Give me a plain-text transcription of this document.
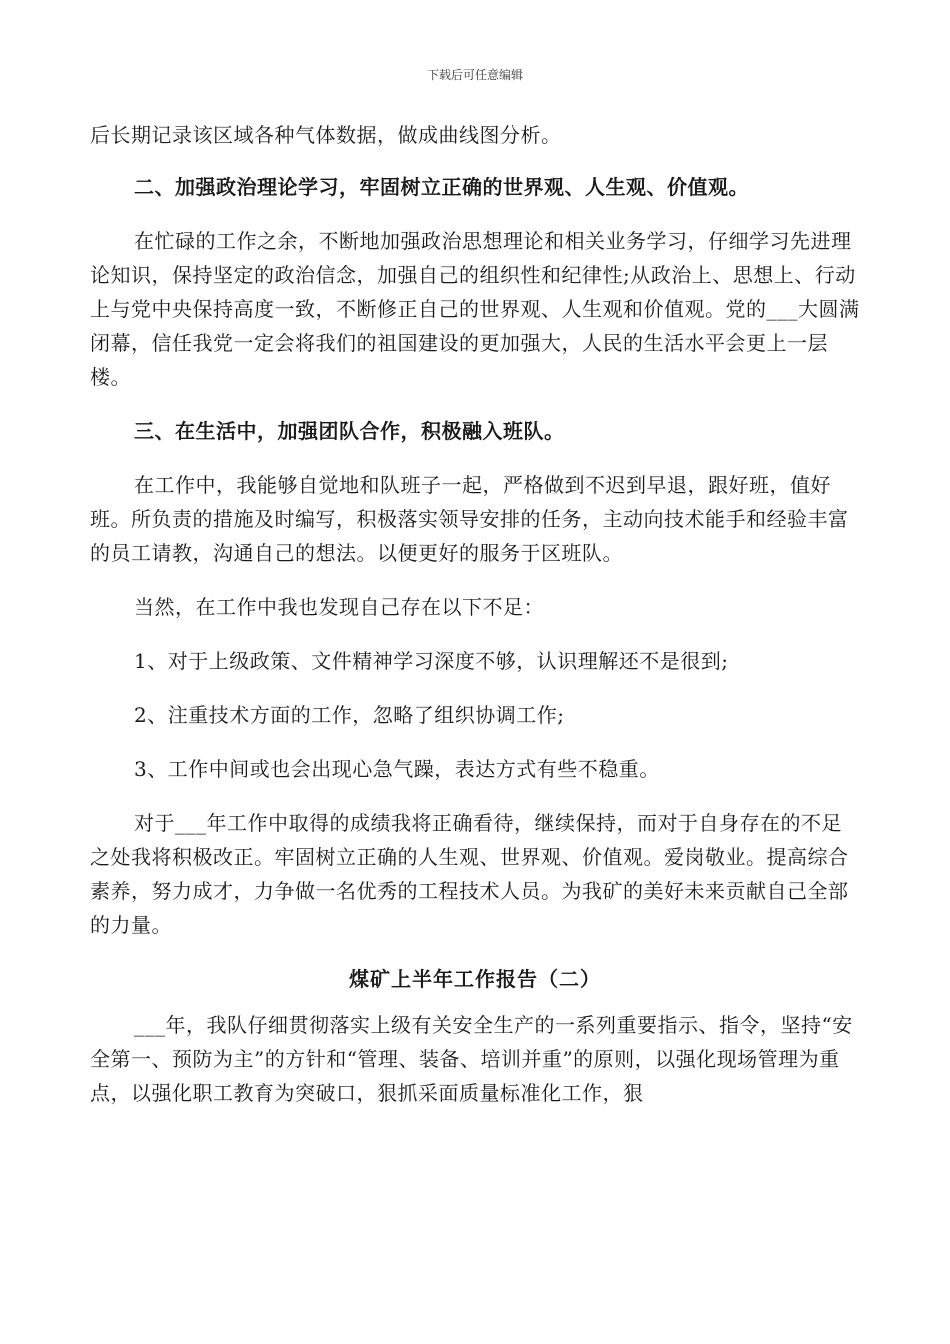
下载后可任意编辑

后长期记录该区域各种气体数据，做成曲线图分析。

二、加强政治理论学习，牢固树立正确的世界观、人生观、价值观。

在忙碌的工作之余，不断地加强政治思想理论和相关业务学习，仔细学习先进理论知识，保持坚定的政治信念，加强自己的组织性和纪律性;从政治上、思想上、行动上与党中央保持高度一致，不断修正自己的世界观、人生观和价值观。党的___大圆满闭幕，信任我党一定会将我们的祖国建设的更加强大，人民的生活水平会更上一层楼。

三、在生活中，加强团队合作，积极融入班队。

在工作中，我能够自觉地和队班子一起，严格做到不迟到早退，跟好班，值好班。所负责的措施及时编写，积极落实领导安排的任务，主动向技术能手和经验丰富的员工请教，沟通自己的想法。以便更好的服务于区班队。

当然，在工作中我也发现自己存在以下不足：

1、对于上级政策、文件精神学习深度不够，认识理解还不是很到;

2、注重技术方面的工作，忽略了组织协调工作;

3、工作中间或也会出现心急气躁，表达方式有些不稳重。

对于___年工作中取得的成绩我将正确看待，继续保持，而对于自身存在的不足之处我将积极改正。牢固树立正确的人生观、世界观、价值观。爱岗敬业。提高综合素养，努力成才，力争做一名优秀的工程技术人员。为我矿的美好未来贡献自己全部的力量。

煤矿上半年工作报告（二）

___年，我队仔细贯彻落实上级有关安全生产的一系列重要指示、指令，坚持“安全第一、预防为主”的方针和“管理、装备、培训并重”的原则，以强化现场管理为重点，以强化职工教育为突破口，狠抓采面质量标准化工作，狠
